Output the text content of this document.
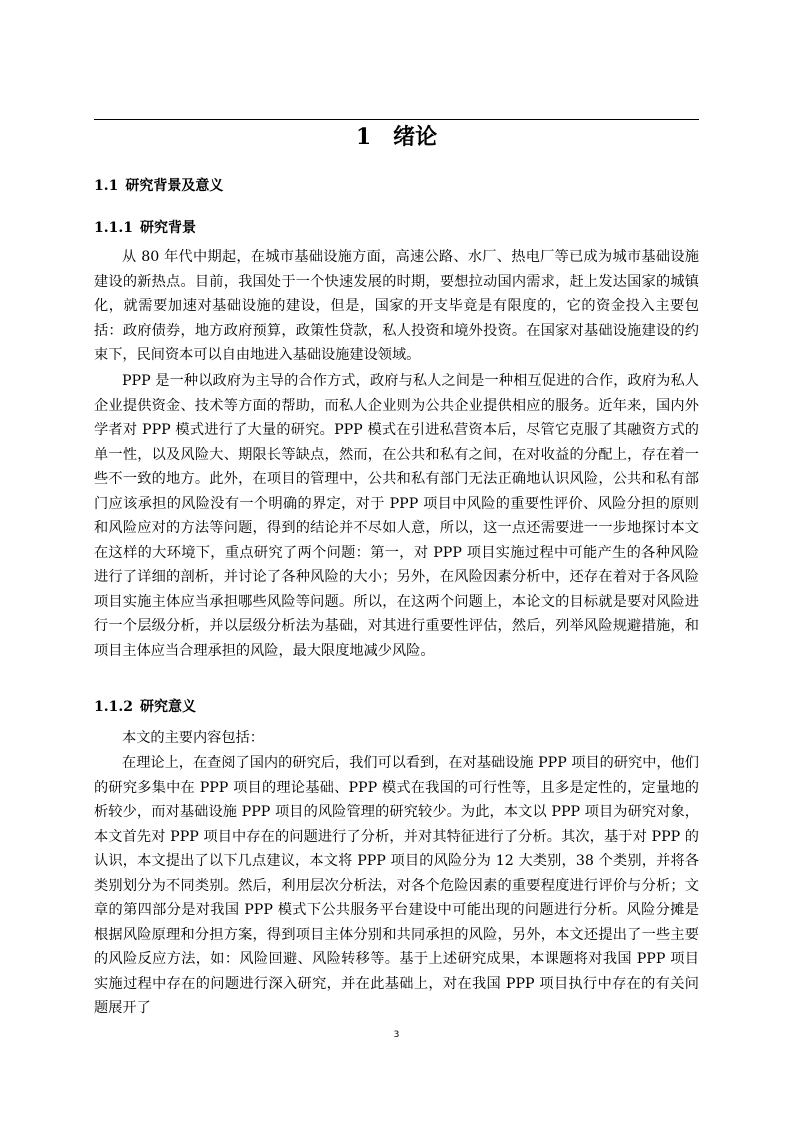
1 绪论
1.1 研究背景及意义
1.1.1 研究背景

从 80 年代中期起，在城市基础设施方面，高速公路、水厂、热电厂等已成为城市基础设施建设的新热点。目前，我国处于一个快速发展的时期，要想拉动国内需求，赶上发达国家的城镇化，就需要加速对基础设施的建设，但是，国家的开支毕竟是有限度的，它的资金投入主要包括：政府债券，地方政府预算，政策性贷款，私人投资和境外投资。在国家对基础设施建设的约束下，民间资本可以自由地进入基础设施建设领域。

PPP 是一种以政府为主导的合作方式，政府与私人之间是一种相互促进的合作，政府为私人企业提供资金、技术等方面的帮助，而私人企业则为公共企业提供相应的服务。近年来，国内外学者对 PPP 模式进行了大量的研究。PPP 模式在引进私营资本后，尽管它克服了其融资方式的单一性，以及风险大、期限长等缺点，然而，在公共和私有之间，在对收益的分配上，存在着一些不一致的地方。此外，在项目的管理中，公共和私有部门无法正确地认识风险，公共和私有部门应该承担的风险没有一个明确的界定，对于 PPP 项目中风险的重要性评价、风险分担的原则和风险应对的方法等问题，得到的结论并不尽如人意，所以，这一点还需要进一一步地探讨本文在这样的大环境下，重点研究了两个问题：第一，对 PPP 项目实施过程中可能产生的各种风险进行了详细的剖析，并讨论了各种风险的大小；另外，在风险因素分析中，还存在着对于各风险项目实施主体应当承担哪些风险等问题。所以，在这两个问题上，本论文的目标就是要对风险进行一个层级分析，并以层级分析法为基础，对其进行重要性评估，然后，列举风险规避措施，和项目主体应当合理承担的风险，最大限度地减少风险。

1.1.2 研究意义

本文的主要内容包括：

在理论上，在查阅了国内的研究后，我们可以看到，在对基础设施 PPP 项目的研究中，他们的研究多集中在 PPP 项目的理论基础、PPP 模式在我国的可行性等，且多是定性的，定量地的析较少，而对基础设施 PPP 项目的风险管理的研究较少。为此，本文以 PPP 项目为研究对象，本文首先对 PPP 项目中存在的问题进行了分析，并对其特征进行了分析。其次，基于对 PPP 的认识，本文提出了以下几点建议，本文将 PPP 项目的风险分为 12 大类别，38 个类别，并将各类别划分为不同类别。然后，利用层次分析法，对各个危险因素的重要程度进行评价与分析；文章的第四部分是对我国 PPP 模式下公共服务平台建设中可能出现的问题进行分析。风险分摊是根据风险原理和分担方案，得到项目主体分别和共同承担的风险，另外，本文还提出了一些主要的风险反应方法，如：风险回避、风险转移等。基于上述研究成果，本课题将对我国 PPP 项目实施过程中存在的问题进行深入研究，并在此基础上，对在我国 PPP 项目执行中存在的有关问题展开了

3
